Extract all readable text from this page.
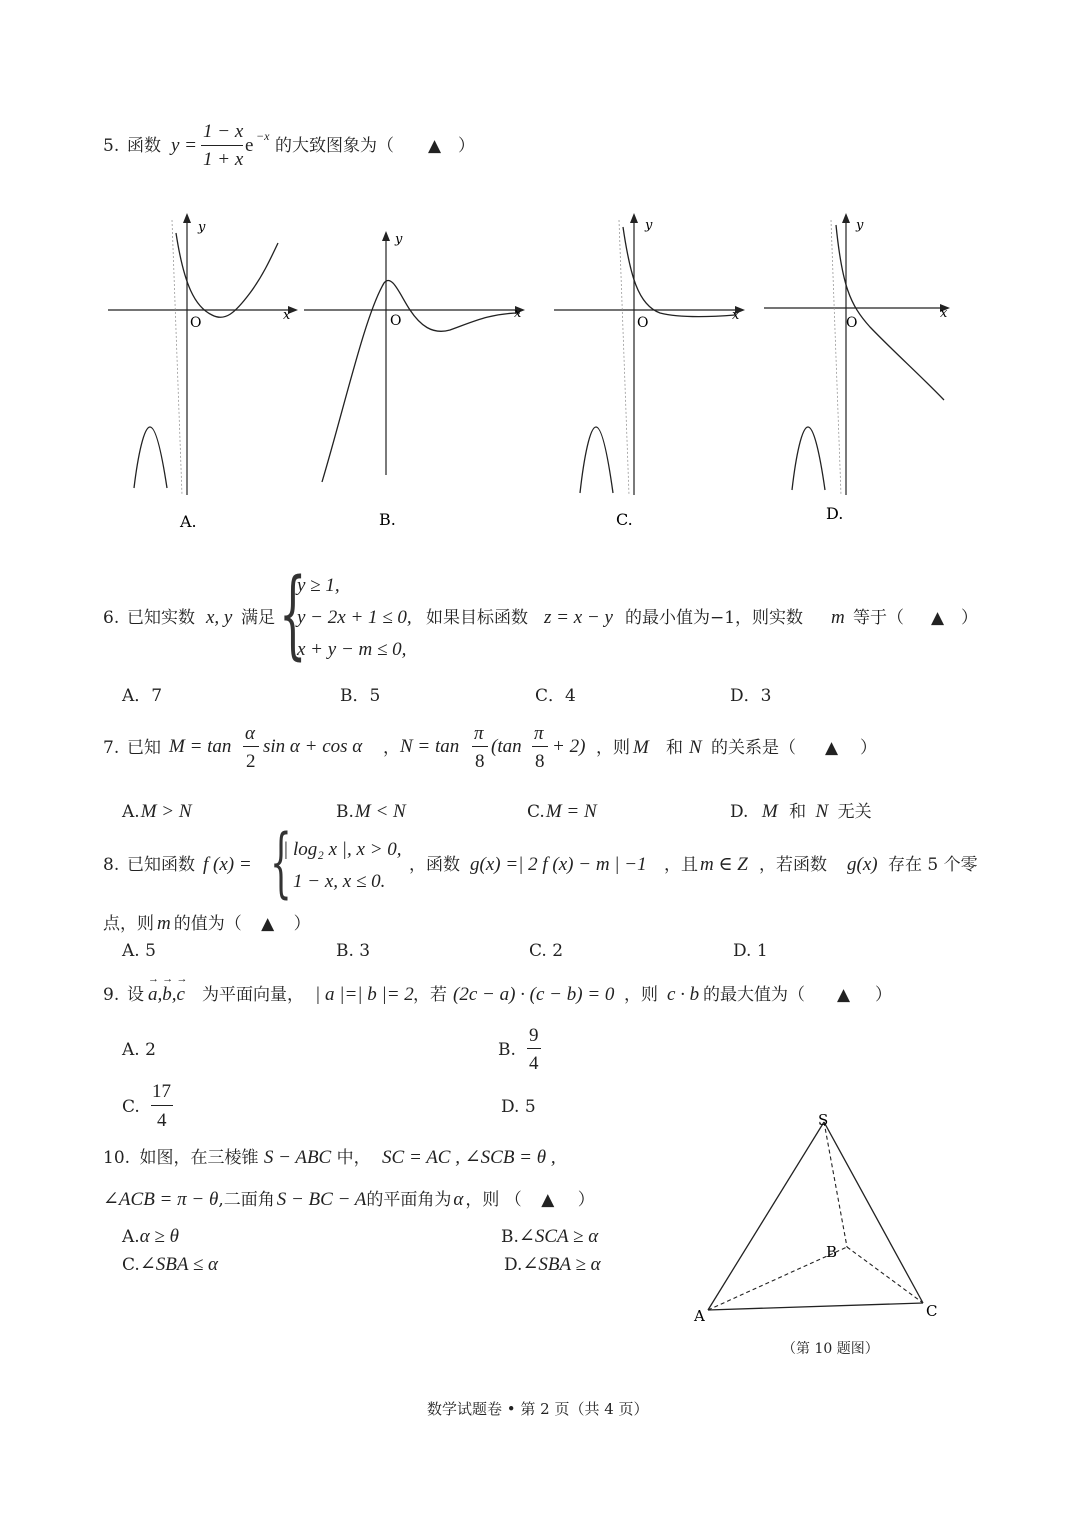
5. 函数 y =
1 − x
1 + x
e −x 的大致图象为（ ▲ ）
y
x
O
A.
y
x
O
B.
y
x
O
C.
y
x
O
D.
6. 已知实数 x, y 满足 {
y ≥ 1,
y − 2x + 1 ≤ 0,
x + y − m ≤ 0,
如果目标函数 z = x − y 的最小值为−1，则实数 m 等于（ ▲ ）
A．7	B．5	C．4	D．3
7. 已知 M = tan
α
2
sin α + cos α ， N = tan
π
8
(tan
π
8
+ 2) ，则 M 和 N 的关系是（ ▲ ）
A.M > N	B.M < N	C.M = N	D. M 和 N 无关
8. 已知函数 f (x) = {
| log₂ x |, x > 0,
1 − x, x ≤ 0.
，函数 g(x) =| 2 f (x) − m | −1 ，且 m ∈ Z ，若函数 g(x) 存在 5 个零
点，则 m 的值为（ ▲ ）
A. 5	B. 3	C. 2	D. 1
9. 设
→ a,→ b,→ c 为平面向量， | a |=| b |= 2 ，若 (2c − a) · (c − b) = 0 ，则 c · b 的最大值为（ ▲ ）
A. 2	B.
9
4
C.
17
4
D. 5
10. 如图，在三棱锥 S − ABC 中， SC = AC , ∠SCB = θ ,
∠ACB = π − θ,二面角 S − BC − A的平面角为 α ，则 （ ▲ ）
A.α ≥ θ	B.∠SCA ≥ α
C.∠SBA ≤ α	D.∠SBA ≥ α
S
A
B
C
（第 10 题图）
数学试题卷 • 第 2 页（共 4 页）
